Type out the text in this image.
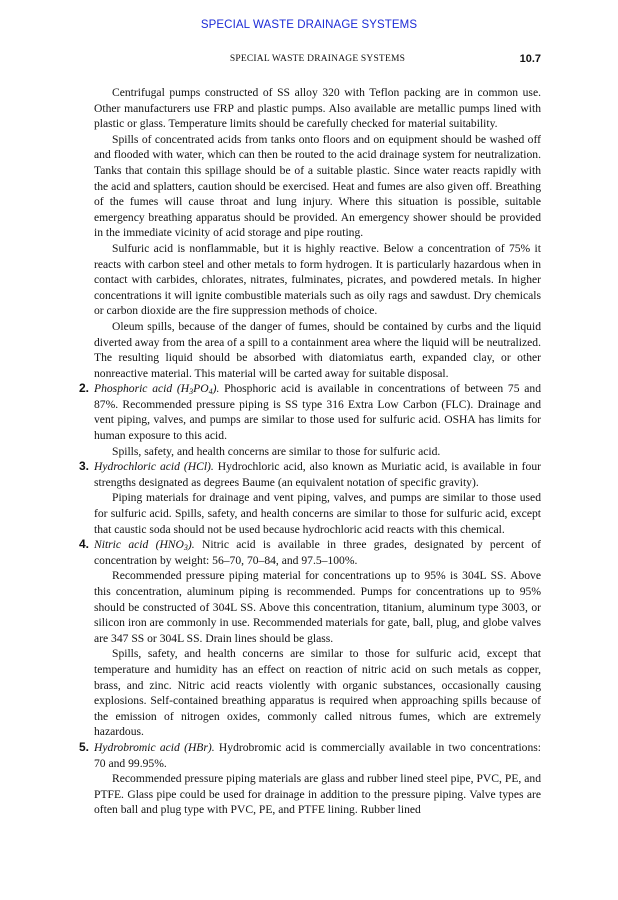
SPECIAL WASTE DRAINAGE SYSTEMS
SPECIAL WASTE DRAINAGE SYSTEMS	10.7

Centrifugal pumps constructed of SS alloy 320 with Teflon packing are in common use. Other manufacturers use FRP and plastic pumps. Also available are metallic pumps lined with plastic or glass. Temperature limits should be carefully checked for material suitability.

Spills of concentrated acids from tanks onto floors and on equipment should be washed off and flooded with water, which can then be routed to the acid drainage system for neutralization. Tanks that contain this spillage should be of a suitable plastic. Since water reacts rapidly with the acid and splatters, caution should be exercised. Heat and fumes are also given off. Breathing of the fumes will cause throat and lung injury. Where this situation is possible, suitable emergency breathing apparatus should be provided. An emergency shower should be provided in the immediate vicinity of acid storage and pipe routing.

Sulfuric acid is nonflammable, but it is highly reactive. Below a concentration of 75% it reacts with carbon steel and other metals to form hydrogen. It is particularly hazardous when in contact with carbides, chlorates, nitrates, fulminates, picrates, and powdered metals. In higher concentrations it will ignite combustible materials such as oily rags and sawdust. Dry chemicals or carbon dioxide are the fire suppression methods of choice.

Oleum spills, because of the danger of fumes, should be contained by curbs and the liquid diverted away from the area of a spill to a containment area where the liquid will be neutralized. The resulting liquid should be absorbed with diatomiatus earth, expanded clay, or other nonreactive material. This material will be carted away for suitable disposal.

2. Phosphoric acid $(H_3PO_4)$. Phosphoric acid is available in concentrations of between 75 and 87%. Recommended pressure piping is SS type 316 Extra Low Carbon (FLC). Drainage and vent piping, valves, and pumps are similar to those used for sulfuric acid. OSHA has limits for human exposure to this acid.

Spills, safety, and health concerns are similar to those for sulfuric acid.

3. Hydrochloric acid (HCl). Hydrochloric acid, also known as Muriatic acid, is available in four strengths designated as degrees Baume (an equivalent notation of specific gravity).

Piping materials for drainage and vent piping, valves, and pumps are similar to those used for sulfuric acid. Spills, safety, and health concerns are similar to those for sulfuric acid, except that caustic soda should not be used because hydrochloric acid reacts with this chemical.

4. Nitric acid $(HNO_3)$. Nitric acid is available in three grades, designated by percent of concentration by weight: 56–70, 70–84, and 97.5–100%.

Recommended pressure piping material for concentrations up to 95% is 304L SS. Above this concentration, aluminum piping is recommended. Pumps for concentrations up to 95% should be constructed of 304L SS. Above this concentration, titanium, aluminum type 3003, or silicon iron are commonly in use. Recommended materials for gate, ball, plug, and globe valves are 347 SS or 304L SS. Drain lines should be glass.

Spills, safety, and health concerns are similar to those for sulfuric acid, except that temperature and humidity has an effect on reaction of nitric acid on such metals as copper, brass, and zinc. Nitric acid reacts violently with organic substances, occasionally causing explosions. Self-contained breathing apparatus is required when approaching spills because of the emission of nitrogen oxides, commonly called nitrous fumes, which are extremely hazardous.

5. Hydrobromic acid (HBr). Hydrobromic acid is commercially available in two concentrations: 70 and 99.95%.

Recommended pressure piping materials are glass and rubber lined steel pipe, PVC, PE, and PTFE. Glass pipe could be used for drainage in addition to the pressure piping. Valve types are often ball and plug type with PVC, PE, and PTFE lining. Rubber lined
